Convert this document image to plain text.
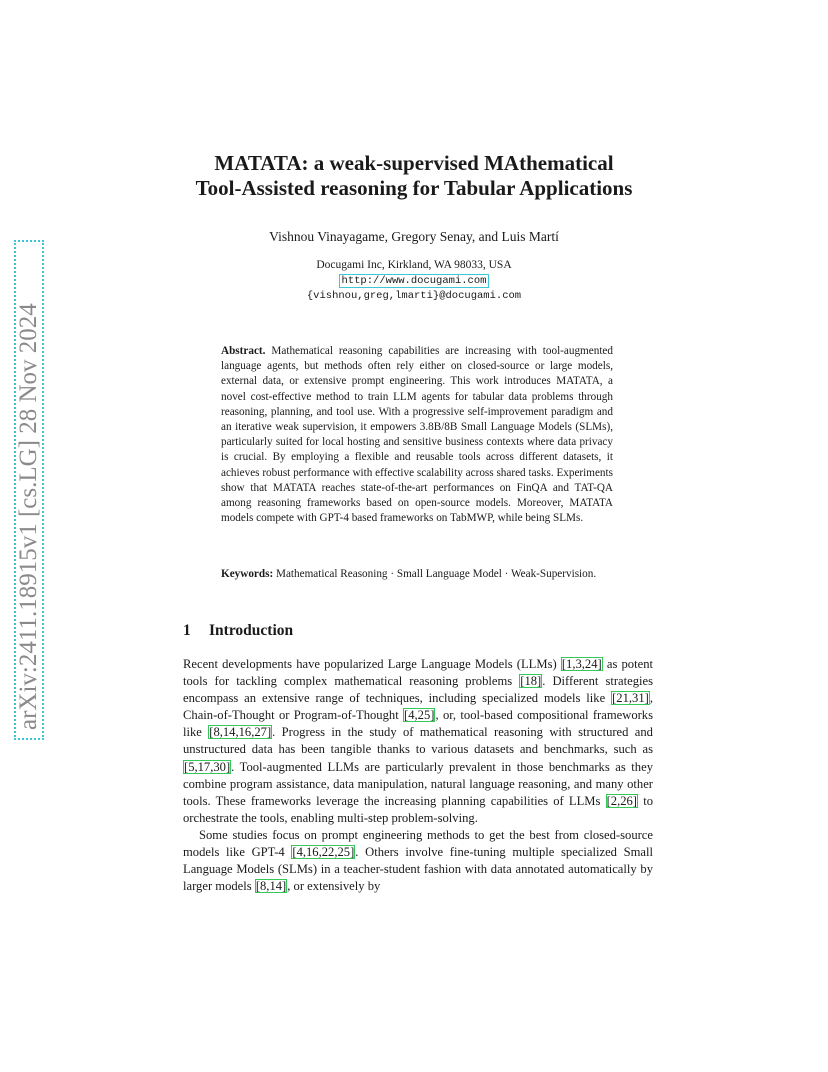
arXiv:2411.18915v1 [cs.LG] 28 Nov 2024
MATATA: a weak-supervised MAthematical
Tool-Assisted reasoning for Tabular Applications
Vishnou Vinayagame, Gregory Senay, and Luis Martí
Docugami Inc, Kirkland, WA 98033, USA
http://www.docugami.com
{vishnou,greg,lmarti}@docugami.com
Abstract. Mathematical reasoning capabilities are increasing with tool-augmented language agents, but methods often rely either on closed-source or large models, external data, or extensive prompt engineering. This work introduces MATATA, a novel cost-effective method to train LLM agents for tabular data problems through reasoning, planning, and tool use. With a progressive self-improvement paradigm and an iterative weak supervision, it empowers 3.8B/8B Small Language Models (SLMs), particularly suited for local hosting and sensitive business contexts where data privacy is crucial. By employing a flexible and reusable tools across different datasets, it achieves robust performance with effective scalability across shared tasks. Experiments show that MATATA reaches state-of-the-art performances on FinQA and TAT-QA among reasoning frameworks based on open-source models. Moreover, MATATA models compete with GPT-4 based frameworks on TabMWP, while being SLMs.
Keywords: Mathematical Reasoning · Small Language Model · Weak-Supervision.
1 Introduction

Recent developments have popularized Large Language Models (LLMs) [1,3,24] as potent tools for tackling complex mathematical reasoning problems [18]. Different strategies encompass an extensive range of techniques, including specialized models like [21,31], Chain-of-Thought or Program-of-Thought [4,25], or, tool-based compositional frameworks like [8,14,16,27]. Progress in the study of mathematical reasoning with structured and unstructured data has been tangible thanks to various datasets and benchmarks, such as [5,17,30]. Tool-augmented LLMs are particularly prevalent in those benchmarks as they combine program assistance, data manipulation, natural language reasoning, and many other tools. These frameworks leverage the increasing planning capabilities of LLMs [2,26] to orchestrate the tools, enabling multi-step problem-solving.

Some studies focus on prompt engineering methods to get the best from closed-source models like GPT-4 [4,16,22,25]. Others involve fine-tuning multiple specialized Small Language Models (SLMs) in a teacher-student fashion with data annotated automatically by larger models [8,14], or extensively by
